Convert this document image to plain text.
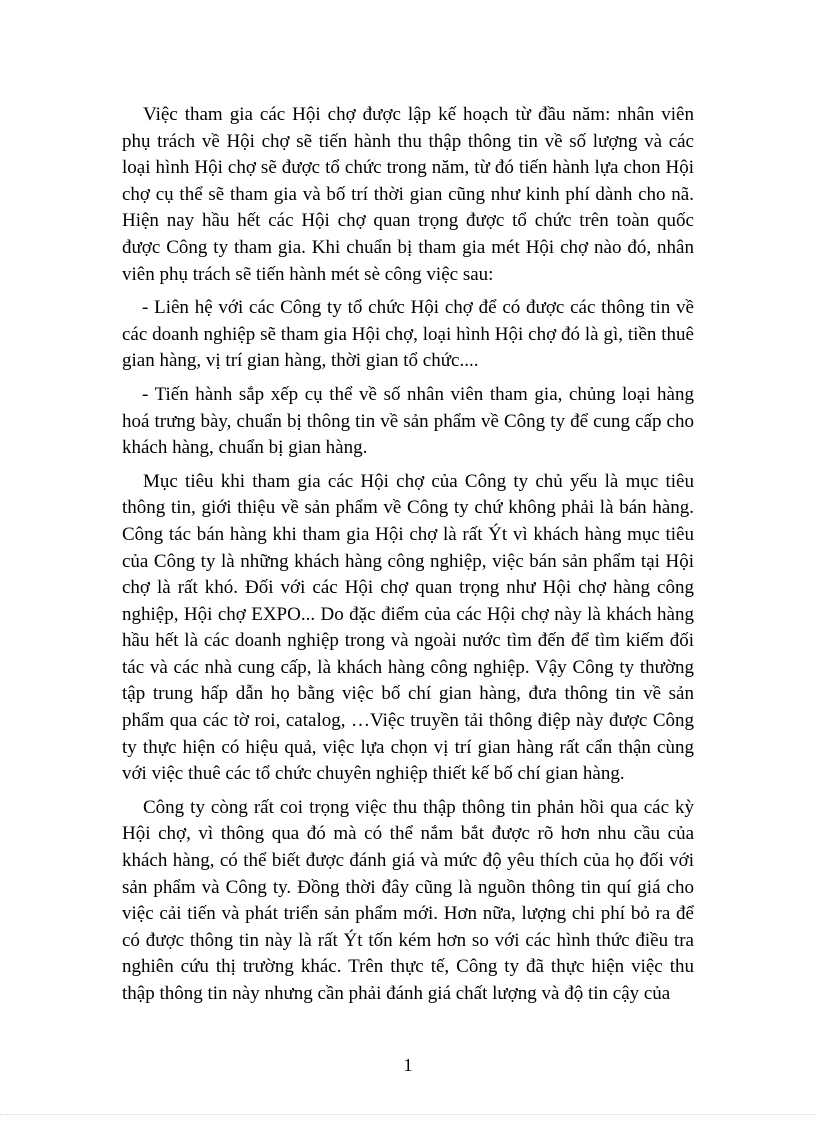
Việc tham gia các Hội chợ được lập kế hoạch từ đầu năm: nhân viên phụ trách về Hội chợ sẽ tiến hành thu thập thông tin về số lượng và các loại hình Hội chợ sẽ được tổ chức trong năm, từ đó tiến hành lựa chon Hội chợ cụ thể sẽ tham gia và bố trí thời gian cũng như kinh phí dành cho nã. Hiện nay hầu hết các Hội chợ quan trọng được tổ chức trên toàn quốc được Công ty tham gia. Khi chuẩn bị tham gia mét Hội chợ nào đó, nhân viên phụ trách sẽ tiến hành mét sè công việc sau:

- Liên hệ với các Công ty tổ chức Hội chợ để có được các thông tin về các doanh nghiệp sẽ tham gia Hội chợ, loại hình Hội chợ đó là gì, tiền thuê gian hàng, vị trí gian hàng, thời gian tổ chức....

- Tiến hành sắp xếp cụ thể về số nhân viên tham gia, chủng loại hàng hoá trưng bày, chuẩn bị thông tin về sản phẩm về Công ty để cung cấp cho khách hàng, chuẩn bị gian hàng.

Mục tiêu khi tham gia các Hội chợ của Công ty chủ yếu là mục tiêu thông tin, giới thiệu về sản phẩm về Công ty chứ không phải là bán hàng. Công tác bán hàng khi tham gia Hội chợ là rất Ýt vì khách hàng mục tiêu của Công ty là những khách hàng công nghiệp, việc bán sản phẩm tại Hội chợ là rất khó. Đối với các Hội chợ quan trọng như Hội chợ hàng công nghiệp, Hội chợ EXPO... Do đặc điểm của các Hội chợ này là khách hàng hầu hết là các doanh nghiệp trong và ngoài nước tìm đến để tìm kiếm đối tác và các nhà cung cấp, là khách hàng công nghiệp. Vậy Công ty thường tập trung hấp dẫn họ bằng việc bố chí gian hàng, đưa thông tin về sản phẩm qua các tờ roi, catalog, …Việc truyền tải thông điệp này được Công ty thực hiện có hiệu quả, việc lựa chọn vị trí gian hàng rất cẩn thận cùng với việc thuê các tổ chức chuyên nghiệp thiết kế bố chí gian hàng.

Công ty còng rất coi trọng việc thu thập thông tin phản hồi qua các kỳ Hội chợ, vì thông qua đó mà có thể nắm bắt được rõ hơn nhu cầu của khách hàng, có thể biết được đánh giá và mức độ yêu thích của họ đối với sản phẩm và Công ty. Đồng thời đây cũng là nguồn thông tin quí giá cho việc cải tiến và phát triển sản phẩm mới. Hơn nữa, lượng chi phí bỏ ra để có được thông tin này là rất Ýt tốn kém hơn so với các hình thức điều tra nghiên cứu thị trường khác. Trên thực tế, Công ty đã thực hiện việc thu thập thông tin này nhưng cần phải đánh giá chất lượng và độ tin cậy của

1
